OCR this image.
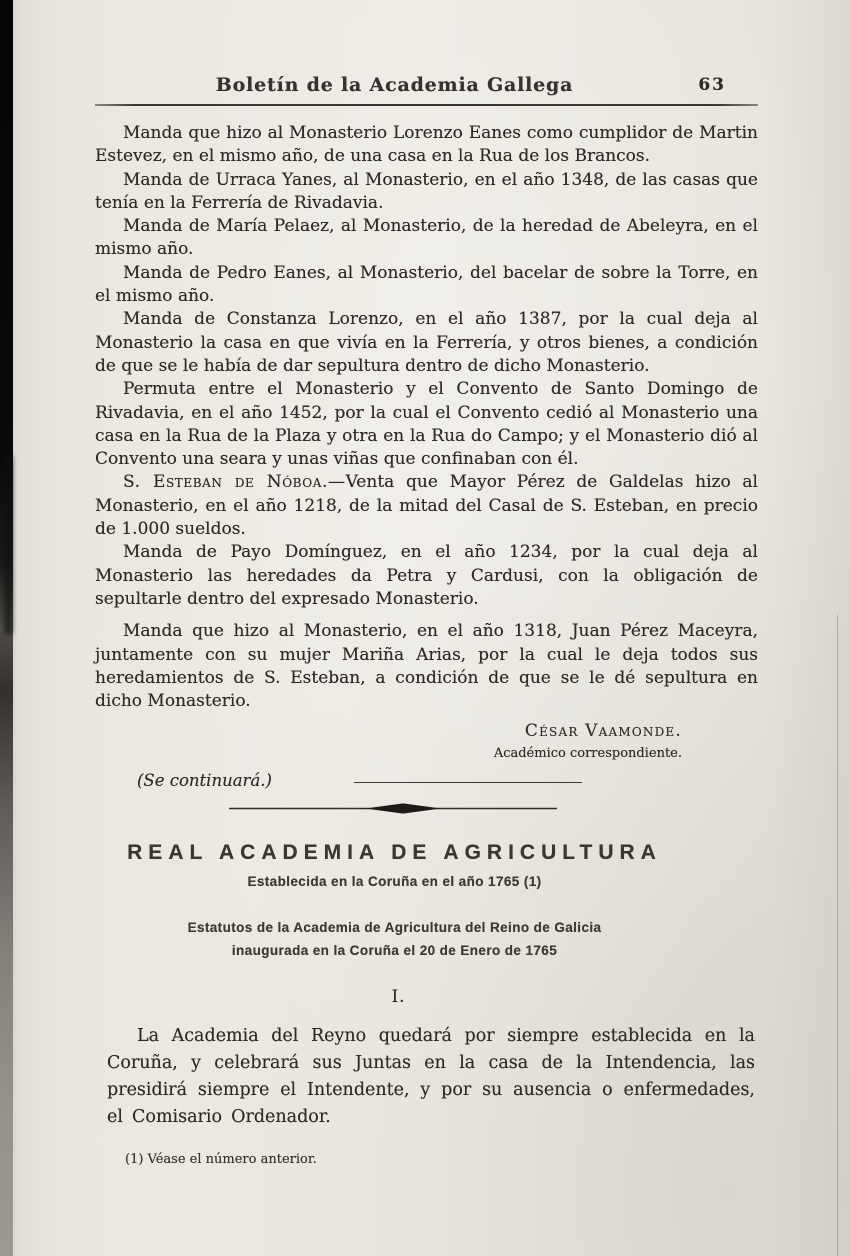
Boletín de la Academia Gallega	63

Manda que hizo al Monasterio Lorenzo Eanes como cumplidor de Martin Estevez, en el mismo año, de una casa en la Rua de los Brancos.

Manda de Urraca Yanes, al Monasterio, en el año 1348, de las casas que tenía en la Ferrería de Rivadavia.

Manda de María Pelaez, al Monasterio, de la heredad de Abeleyra, en el mismo año.

Manda de Pedro Eanes, al Monasterio, del bacelar de sobre la Torre, en el mismo año.

Manda de Constanza Lorenzo, en el año 1387, por la cual deja al Monasterio la casa en que vivía en la Ferrería, y otros bienes, a condición de que se le había de dar sepultura dentro de dicho Monasterio.

Permuta entre el Monasterio y el Convento de Santo Domingo de Rivadavia, en el año 1452, por la cual el Convento cedió al Monasterio una casa en la Rua de la Plaza y otra en la Rua do Campo; y el Monasterio dió al Convento una seara y unas viñas que confinaban con él.

S. Esteban de Nóboa.—Venta que Mayor Pérez de Galdelas hizo al Monasterio, en el año 1218, de la mitad del Casal de S. Esteban, en precio de 1.000 sueldos.

Manda de Payo Domínguez, en el año 1234, por la cual deja al Monasterio las heredades da Petra y Cardusi, con la obligación de sepultarle dentro del expresado Monasterio.

Manda que hizo al Monasterio, en el año 1318, Juan Pérez Maceyra, juntamente con su mujer Mariña Arias, por la cual le deja todos sus heredamientos de S. Esteban, a condición de que se le dé sepultura en dicho Monasterio.

César Vaamonde.
Académico correspondiente.
(Se continuará.)
REAL ACADEMIA DE AGRICULTURA
Establecida en la Coruña en el año 1765 (1)
Estatutos de la Academia de Agricultura del Reino de Galicia
inaugurada en la Coruña el 20 de Enero de 1765
I.

La Academia del Reyno quedará por siempre establecida en la Coruña, y celebrará sus Juntas en la casa de la Intendencia, las presidirá siempre el Intendente, y por su ausencia o enfermedades, el Comisario Ordenador.

(1) Véase el número anterior.
